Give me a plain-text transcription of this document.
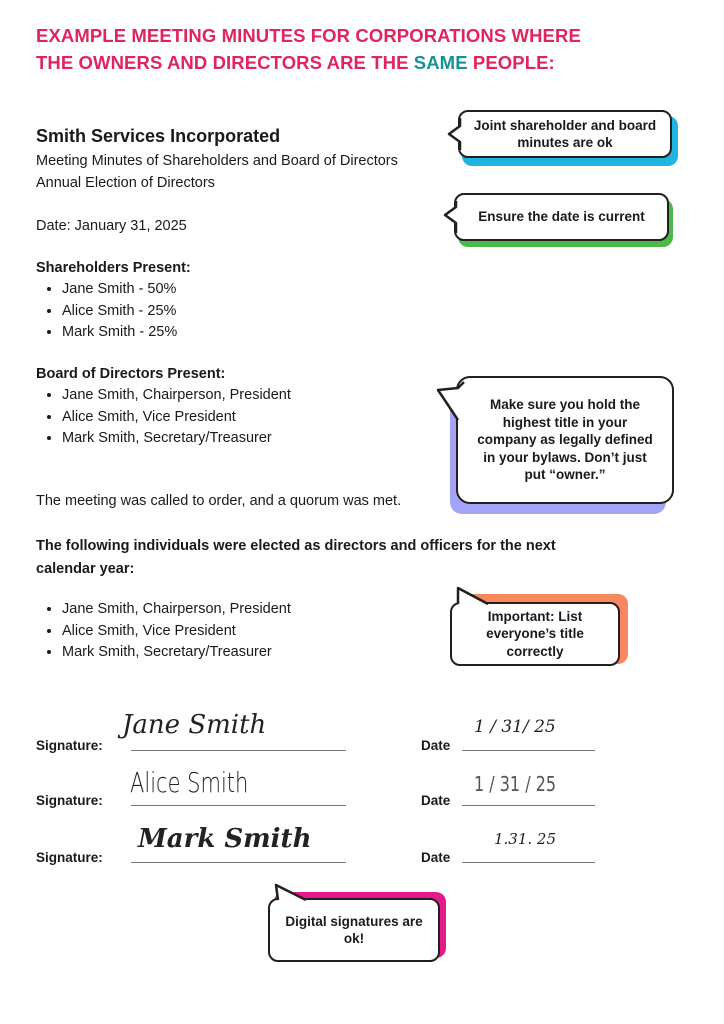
EXAMPLE MEETING MINUTES FOR CORPORATIONS WHERE
THE OWNERS AND DIRECTORS ARE THE SAME PEOPLE:
Smith Services Incorporated
Meeting Minutes of Shareholders and Board of Directors
Annual Election of Directors
Date: January 31, 2025
Shareholders Present:
• Jane Smith - 50%
• Alice Smith - 25%
• Mark Smith - 25%
Board of Directors Present:
• Jane Smith, Chairperson, President
• Alice Smith, Vice President
• Mark Smith, Secretary/Treasurer
The meeting was called to order, and a quorum was met.
The following individuals were elected as directors and officers for the next calendar year:
• Jane Smith, Chairperson, President
• Alice Smith, Vice President
• Mark Smith, Secretary/Treasurer
Signature:
Jane Smith
Date
1 / 31/ 25
Signature:
Alice Smith
Date
1 / 31 / 25
Signature:
Mark Smith
Date
1.31. 25
Joint shareholder and board minutes are ok
Ensure the date is current
Make sure you hold the highest title in your company as legally defined in your bylaws. Don’t just put “owner.”
Important: List everyone’s title correctly
Digital signatures are ok!
